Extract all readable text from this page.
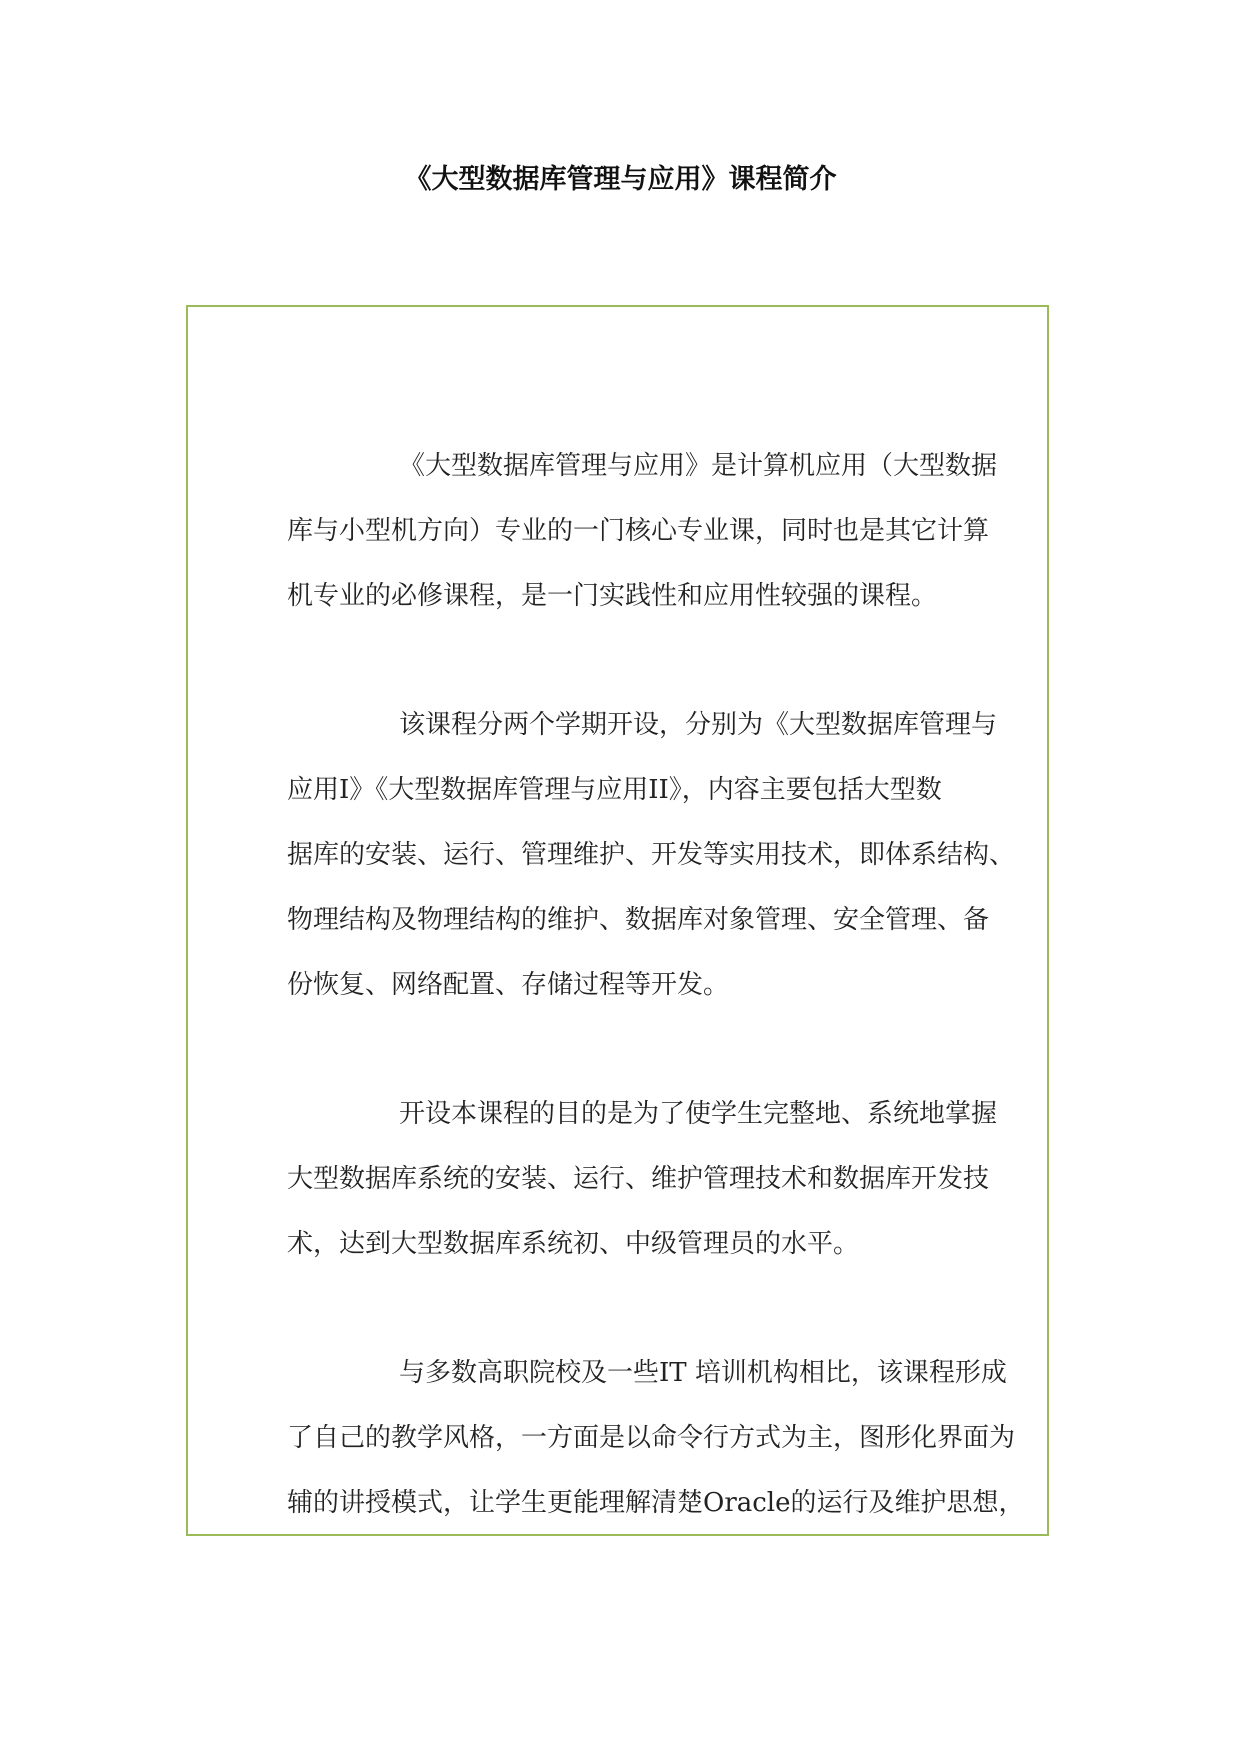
《大型数据库管理与应用》课程简介

《大型数据库管理与应用》是计算机应用（大型数据
库与小型机方向）专业的一门核心专业课，同时也是其它计算
机专业的必修课程，是一门实践性和应用性较强的课程。

该课程分两个学期开设，分别为《大型数据库管理与
应用I》《大型数据库管理与应用II》，内容主要包括大型数
据库的安装、运行、管理维护、开发等实用技术，即体系结构、
物理结构及物理结构的维护、数据库对象管理、安全管理、备
份恢复、网络配置、存储过程等开发。

开设本课程的目的是为了使学生完整地、系统地掌握
大型数据库系统的安装、运行、维护管理技术和数据库开发技
术，达到大型数据库系统初、中级管理员的水平。

与多数高职院校及一些IT 培训机构相比，该课程形成
了自己的教学风格，一方面是以命令行方式为主，图形化界面为
辅的讲授模式，让学生更能理解清楚Oracle的运行及维护思想，
